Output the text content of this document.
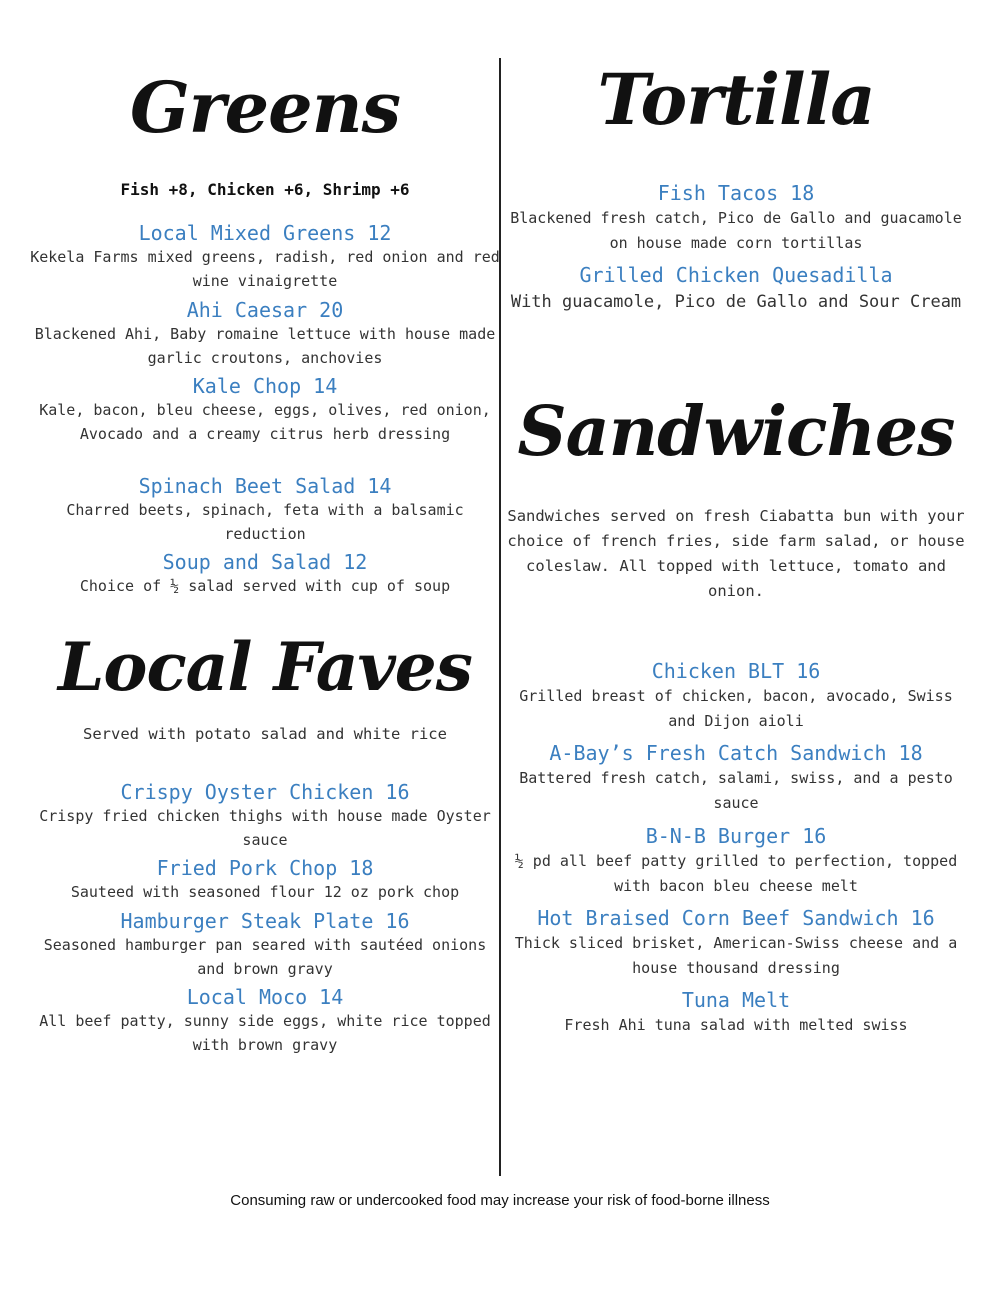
Greens
Fish +8, Chicken +6, Shrimp +6

Local Mixed Greens 12

Kekela Farms mixed greens, radish, red onion and red wine vinaigrette

Ahi Caesar 20

Blackened Ahi, Baby romaine lettuce with house made garlic croutons, anchovies

Kale Chop 14

Kale, bacon, bleu cheese, eggs, olives, red onion, Avocado and a creamy citrus herb dressing

Spinach Beet Salad 14

Charred beets, spinach, feta with a balsamic reduction

Soup and Salad 12

Choice of ½ salad served with cup of soup

Local Faves
Served with potato salad and white rice

Crispy Oyster Chicken 16

Crispy fried chicken thighs with house made Oyster sauce

Fried Pork Chop 18

Sauteed with seasoned flour 12 oz pork chop

Hamburger Steak Plate 16

Seasoned hamburger pan seared with sautéed onions and brown gravy

Local Moco 14

All beef patty, sunny side eggs, white rice topped with brown gravy

Tortilla

Fish Tacos 18

Blackened fresh catch, Pico de Gallo and guacamole on house made corn tortillas

Grilled Chicken Quesadilla

With guacamole, Pico de Gallo and Sour Cream

Sandwiches
Sandwiches served on fresh Ciabatta bun with your choice of french fries, side farm salad, or house coleslaw. All topped with lettuce, tomato and onion.

Chicken BLT 16

Grilled breast of chicken, bacon, avocado, Swiss and Dijon aioli

A-Bay’s Fresh Catch Sandwich 18

Battered fresh catch, salami, swiss, and a pesto sauce

B-N-B Burger 16

½ pd all beef patty grilled to perfection, topped with bacon bleu cheese melt

Hot Braised Corn Beef Sandwich 16

Thick sliced brisket, American-Swiss cheese and a house thousand dressing

Tuna Melt

Fresh Ahi tuna salad with melted swiss

Consuming raw or undercooked food may increase your risk of food-borne illness
